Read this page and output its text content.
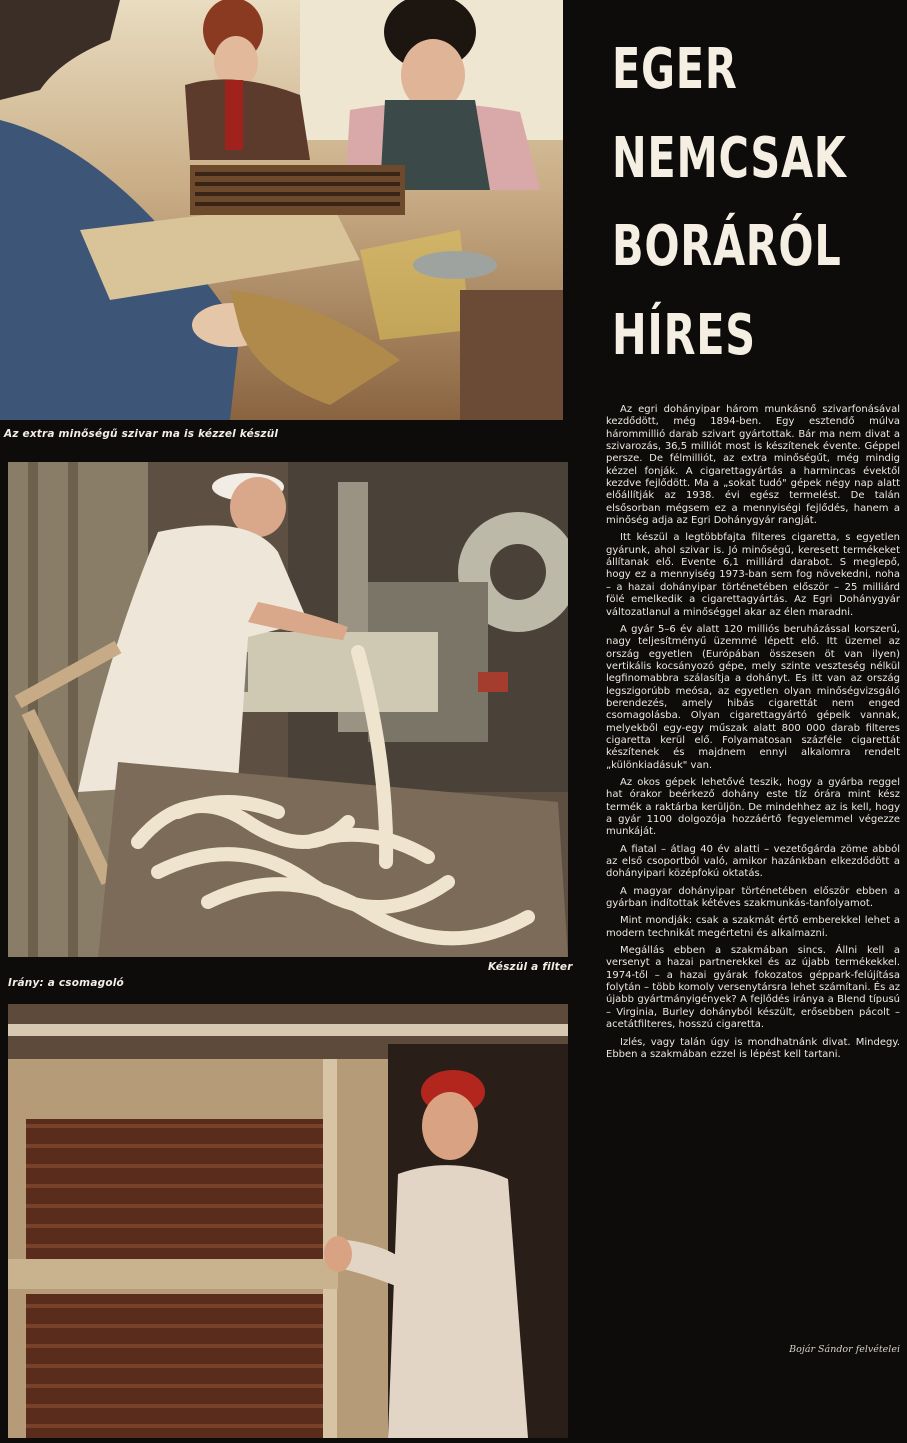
Az extra minőségű szivar ma is kézzel készül
Irány: a csomagoló
Készül a filter
EGER
NEMCSAK
BORÁRÓL
HÍRES

Az egri dohányipar három munkásnő szivarfonásával kezdődött, még 1894-ben. Egy esztendő múlva hárommillió darab szivart gyártottak. Bár ma nem divat a szivarozás, 36,5 milliót most is készítenek évente. Géppel persze. De félmilliót, az extra minőségűt, még mindig kézzel fonják. A cigarettagyártás a harmincas évektől kezdve fejlődött. Ma a „sokat tudó" gépek négy nap alatt előállítják az 1938. évi egész termelést. De talán elsősorban mégsem ez a mennyiségi fejlődés, hanem a minőség adja az Egri Dohánygyár rangját.

Itt készül a legtöbbfajta filteres cigaretta, s egyetlen gyárunk, ahol szivar is. Jó minőségű, keresett termékeket állítanak elő. Evente 6,1 milliárd darabot. S meglepő, hogy ez a mennyiség 1973-ban sem fog növekedni, noha – a hazai dohányipar történetében először – 25 milliárd fölé emelkedik a cigarettagyártás. Az Egri Dohánygyár változatlanul a minőséggel akar az élen maradni.

A gyár 5–6 év alatt 120 milliós beruházással korszerű, nagy teljesítményű üzemmé lépett elő. Itt üzemel az ország egyetlen (Európában összesen öt van ilyen) vertikális kocsányozó gépe, mely szinte veszteség nélkül legfinomabbra szálasítja a dohányt. Es itt van az ország legszigorúbb meósa, az egyetlen olyan minőségvizsgáló berendezés, amely hibás cigarettát nem enged csomagolásba. Olyan cigarettagyártó gépeik vannak, melyekből egy-egy műszak alatt 800 000 darab filteres cigaretta kerül elő. Folyamatosan százféle cigarettát készítenek és majdnem ennyi alkalomra rendelt „különkiadásuk" van.

Az okos gépek lehetővé teszik, hogy a gyárba reggel hat órakor beérkező dohány este tíz órára mint kész termék a raktárba kerüljön. De mindehhez az is kell, hogy a gyár 1100 dolgozója hozzáértő fegyelemmel végezze munkáját.

A fiatal – átlag 40 év alatti – vezetőgárda zöme abból az első csoportból való, amikor hazánkban elkezdődött a dohányipari középfokú oktatás.

A magyar dohányipar történetében először ebben a gyárban indítottak kétéves szakmunkás-tanfolyamot.

Mint mondják: csak a szakmát értő emberekkel lehet a modern technikát megértetni és alkalmazni.

Megállás ebben a szakmában sincs. Állni kell a versenyt a hazai partnerekkel és az újabb termékekkel. 1974-től – a hazai gyárak fokozatos géppark-felújítása folytán – több komoly versenytársra lehet számítani. És az újabb gyártmányigények? A fejlődés iránya a Blend típusú – Virginia, Burley dohányból készült, erősebben pácolt – acetátfilteres, hosszú cigaretta.

Izlés, vagy talán úgy is mondhatnánk divat. Mindegy. Ebben a szakmában ezzel is lépést kell tartani.

Bojár Sándor felvételei
